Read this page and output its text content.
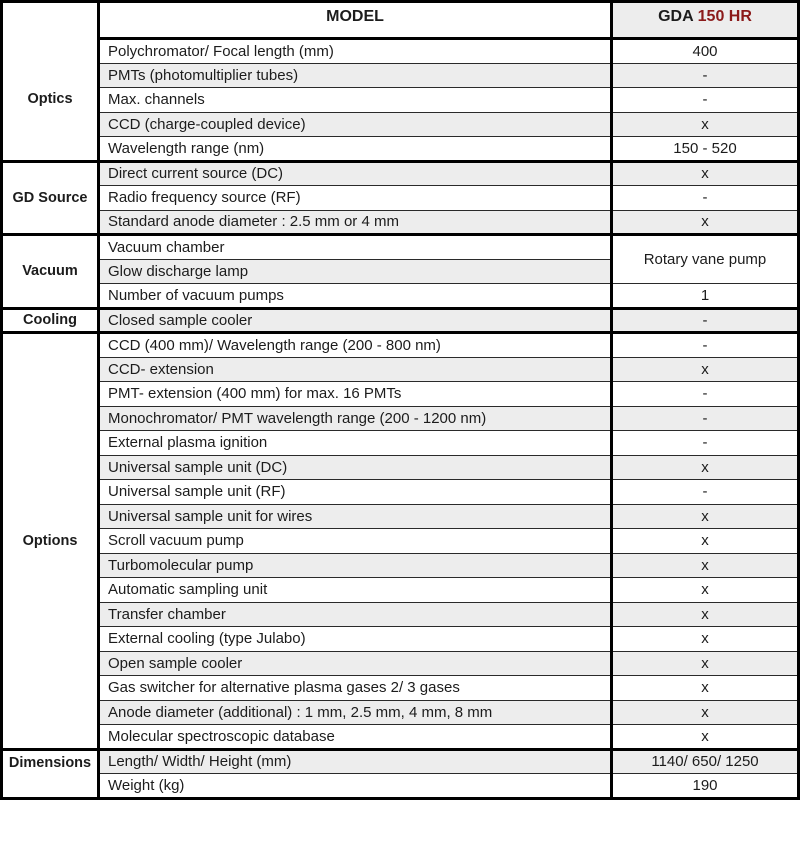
	MODEL	GDA 150 HR
Optics	Polychromator/ Focal length (mm)	400
	PMTs (photomultiplier tubes)	-
	Max. channels	-
	CCD (charge-coupled device)	x
	Wavelength range (nm)	150 - 520
GD Source	Direct current source (DC)	x
	Radio frequency source (RF)	-
	Standard anode diameter : 2.5 mm or 4 mm	x
Vacuum	Vacuum chamber	Rotary vane pump
	Glow discharge lamp	
	Number of vacuum pumps	1
Cooling	Closed sample cooler	-
Options	CCD (400 mm)/ Wavelength range (200 - 800 nm)	-
	CCD- extension	x
	PMT- extension (400 mm) for max. 16 PMTs	-
	Monochromator/ PMT wavelength range (200 - 1200 nm)	-
	External plasma ignition	-
	Universal sample unit (DC)	x
	Universal sample unit (RF)	-
	Universal sample unit for wires	x
	Scroll vacuum pump	x
	Turbomolecular pump	x
	Automatic sampling unit	x
	Transfer chamber	x
	External cooling (type Julabo)	x
	Open sample cooler	x
	Gas switcher for alternative plasma gases 2/ 3 gases	x
	Anode diameter (additional) : 1 mm, 2.5 mm, 4 mm, 8 mm	x
	Molecular spectroscopic database	x
Dimensions	Length/ Width/ Height (mm)	1140/ 650/ 1250
	Weight (kg)	190
